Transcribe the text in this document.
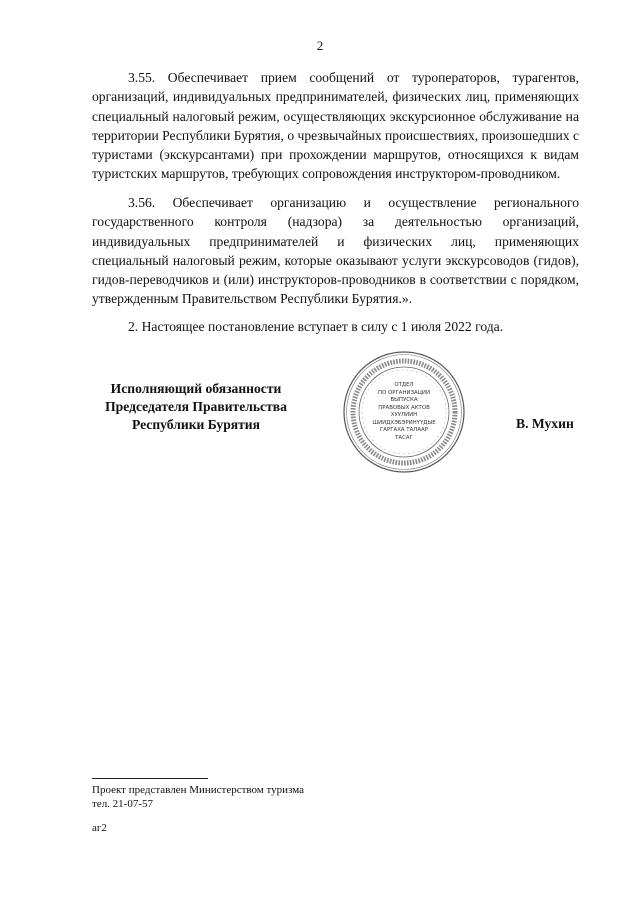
2

3.55. Обеспечивает прием сообщений от туроператоров, турагентов, организаций, индивидуальных предпринимателей, физических лиц, применяющих специальный налоговый режим, осуществляющих экскурсионное обслуживание на территории Республики Бурятия, о чрезвычайных происшествиях, произошедших с туристами (экскурсантами) при прохождении маршрутов, относящихся к видам туристских маршрутов, требующих сопровождения инструктором-проводником.

3.56. Обеспечивает организацию и осуществление регионального государственного контроля (надзора) за деятельностью организаций, индивидуальных предпринимателей и физических лиц, применяющих специальный налоговый режим, которые оказывают услуги экскурсоводов (гидов), гидов-переводчиков и (или) инструкторов-проводников в соответствии с порядком, утвержденным Правительством Республики Бурятия.».

2. Настоящее постановление вступает в силу с 1 июля 2022 года.

Исполняющий обязанности
Председателя Правительства
Республики Бурятия
ОТДЕЛ
ПО ОРГАНИЗАЦИИ
ВЫПУСКА
ПРАВОВЫХ АКТОВ
ХУУЛИИН
ШИИДХЭБЭРИНҮҮДЫЕ
ГАРГАХА ТАЛААР
ТАСАГ
В. Мухин
Проект представлен Министерством туризма
тел. 21-07-57
аг2
